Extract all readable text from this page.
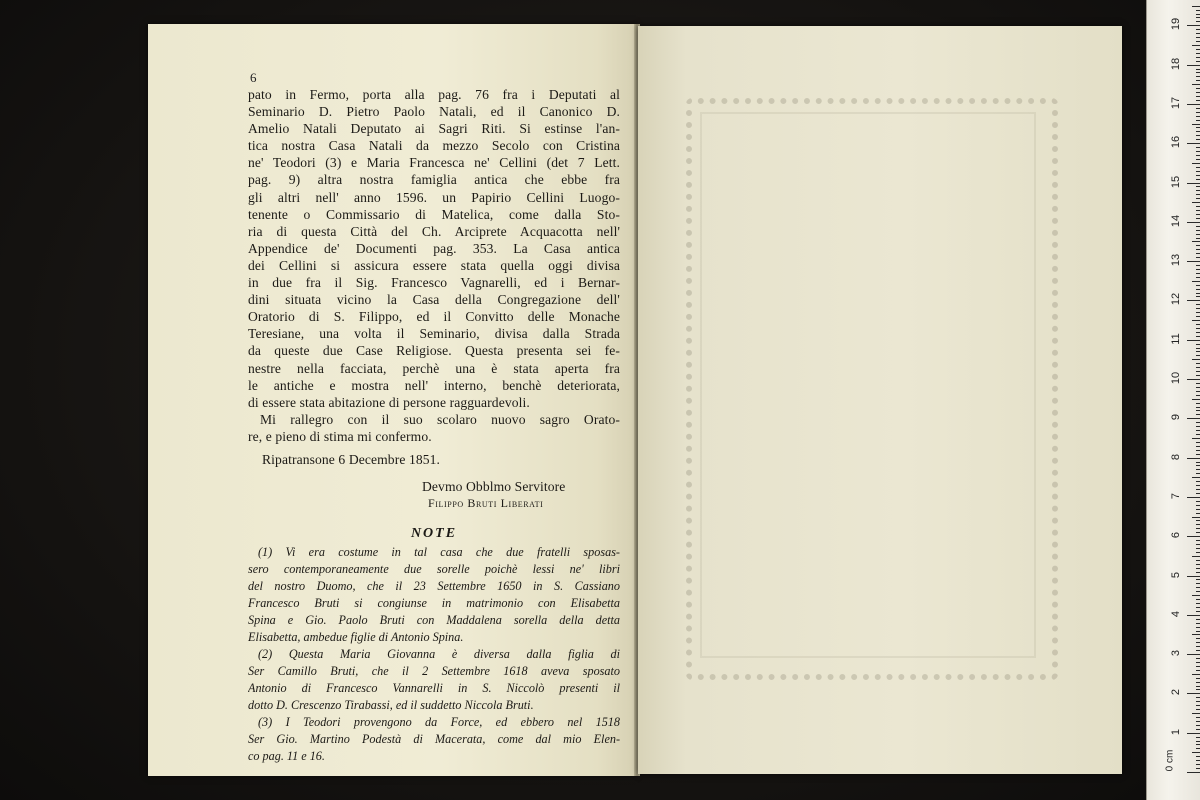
6
pato in Fermo, porta alla pag. 76 fra i Deputati al
Seminario D. Pietro Paolo Natali, ed il Canonico D.
Amelio Natali Deputato ai Sagri Riti. Si estinse l'an-
tica nostra Casa Natali da mezzo Secolo con Cristina
ne' Teodori (3) e Maria Francesca ne' Cellini (det 7 Lett.
pag. 9) altra nostra famiglia antica che ebbe fra
gli altri nell' anno 1596. un Papirio Cellini Luogo-
tenente o Commissario di Matelica, come dalla Sto-
ria di questa Città del Ch. Arciprete Acquacotta nell'
Appendice de' Documenti pag. 353. La Casa antica
dei Cellini si assicura essere stata quella oggi divisa
in due fra il Sig. Francesco Vagnarelli, ed i Bernar-
dini situata vicino la Casa della Congregazione dell'
Oratorio di S. Filippo, ed il Convitto delle Monache
Teresiane, una volta il Seminario, divisa dalla Strada
da queste due Case Religiose. Questa presenta sei fe-
nestre nella facciata, perchè una è stata aperta fra
le antiche e mostra nell' interno, benchè deteriorata,
di essere stata abitazione di persone ragguardevoli.
Mi rallegro con il suo scolaro nuovo sagro Orato-
re, e pieno di stima mi confermo.
Ripatransone 6 Decembre 1851.
Devmo Obblmo Servitore
Filippo Bruti Liberati
NOTE
(1) Vi era costume in tal casa che due fratelli sposas-
sero contemporaneamente due sorelle poichè lessi ne' libri
del nostro Duomo, che il 23 Settembre 1650 in S. Cassiano
Francesco Bruti si congiunse in matrimonio con Elisabetta
Spina e Gio. Paolo Bruti con Maddalena sorella della detta
Elisabetta, ambedue figlie di Antonio Spina.
(2) Questa Maria Giovanna è diversa dalla figlia di
Ser Camillo Bruti, che il 2 Settembre 1618 aveva sposato
Antonio di Francesco Vannarelli in S. Niccolò presenti il
dotto D. Crescenzo Tirabassi, ed il suddetto Niccola Bruti.
(3) I Teodori provengono da Force, ed ebbero nel 1518
Ser Gio. Martino Podestà di Macerata, come dal mio Elen-
co pag. 11 e 16.
1
2
3
4
5
6
7
8
9
10
11
12
13
14
15
16
17
18
19
0 cm
